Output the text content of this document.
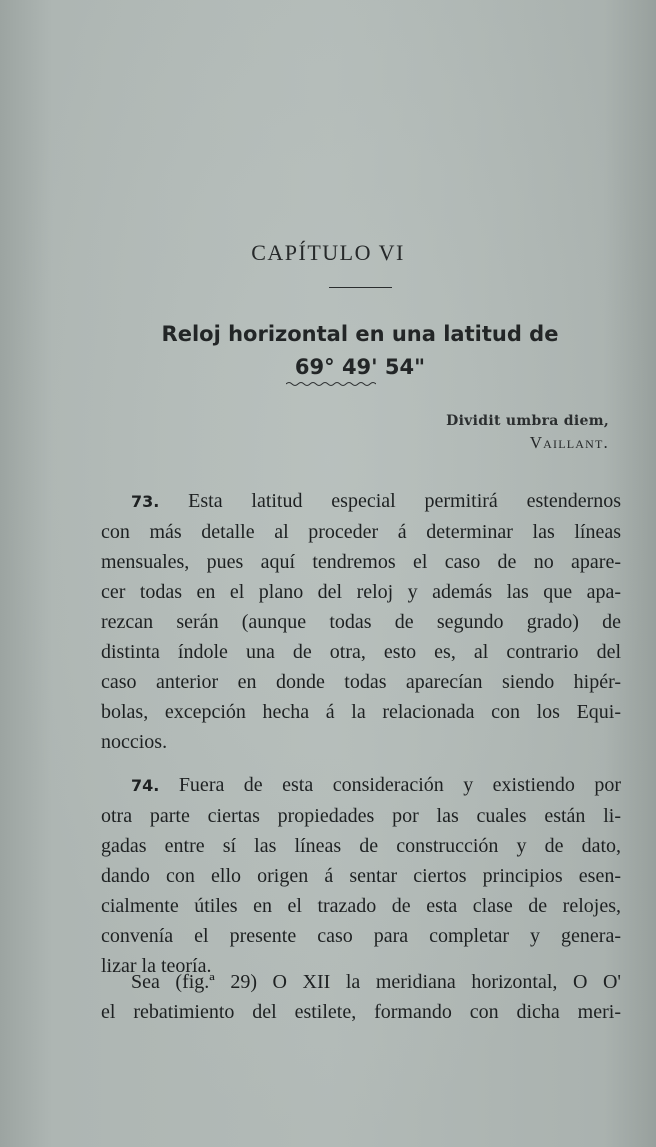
CAPÍTULO VI
Reloj horizontal en una latitud de
69° 49' 54"
Dividit umbra diem,
Vaillant.
73. Esta latitud especial permitirá estendernos
con más detalle al proceder á determinar las líneas
mensuales, pues aquí tendremos el caso de no apare-
cer todas en el plano del reloj y además las que apa-
rezcan serán (aunque todas de segundo grado) de
distinta índole una de otra, esto es, al contrario del
caso anterior en donde todas aparecían siendo hipér-
bolas, excepción hecha á la relacionada con los Equi-
noccios.
74. Fuera de esta consideración y existiendo por
otra parte ciertas propiedades por las cuales están li-
gadas entre sí las líneas de construcción y de dato,
dando con ello origen á sentar ciertos principios esen-
cialmente útiles en el trazado de esta clase de relojes,
convenía el presente caso para completar y genera-
lizar la teoría.
Sea (fig.ª 29) O XII la meridiana horizontal, O O'
el rebatimiento del estilete, formando con dicha meri-
